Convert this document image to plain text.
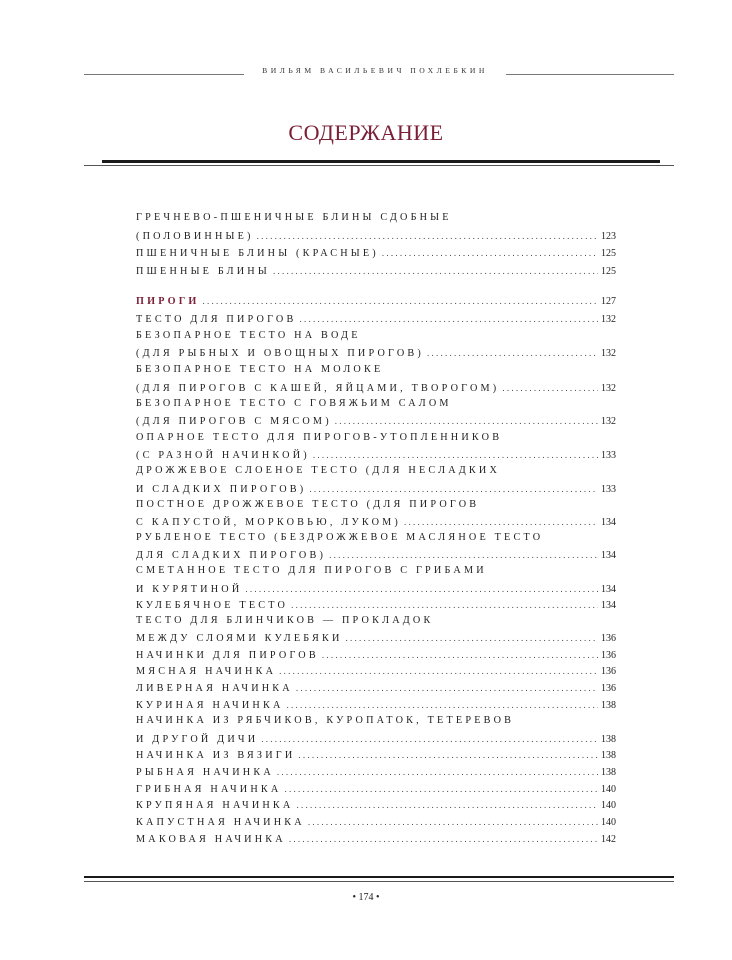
ВИЛЬЯМ ВАСИЛЬЕВИЧ ПОХЛЕБКИН
СОДЕРЖАНИЕ
ГРЕЧНЕВО-ПШЕНИЧНЫЕ БЛИНЫ СДОБНЫЕ
(ПОЛОВИННЫЕ) . . .	123
ПШЕНИЧНЫЕ БЛИНЫ (КРАСНЫЕ) . . .	125
ПШЕННЫЕ БЛИНЫ . . .	125
ПИРОГИ . . .	127
ТЕСТО ДЛЯ ПИРОГОВ . . .	132
БЕЗОПАРНОЕ ТЕСТО НА ВОДЕ
(ДЛЯ РЫБНЫХ И ОВОЩНЫХ ПИРОГОВ) . . .	132
БЕЗОПАРНОЕ ТЕСТО НА МОЛОКЕ
(ДЛЯ ПИРОГОВ С КАШЕЙ, ЯЙЦАМИ, ТВОРОГОМ) . . .	132
БЕЗОПАРНОЕ ТЕСТО С ГОВЯЖЬИМ САЛОМ
(ДЛЯ ПИРОГОВ С МЯСОМ) . . .	132
ОПАРНОЕ ТЕСТО ДЛЯ ПИРОГОВ-УТОПЛЕННИКОВ
(С РАЗНОЙ НАЧИНКОЙ) . . .	133
ДРОЖЖЕВОЕ СЛОЕНОЕ ТЕСТО (ДЛЯ НЕСЛАДКИХ
И СЛАДКИХ ПИРОГОВ) . . .	133
ПОСТНОЕ ДРОЖЖЕВОЕ ТЕСТО (ДЛЯ ПИРОГОВ
С КАПУСТОЙ, МОРКОВЬЮ, ЛУКОМ) . . .	134
РУБЛЕНОЕ ТЕСТО (БЕЗДРОЖЖЕВОЕ МАСЛЯНОЕ ТЕСТО
ДЛЯ СЛАДКИХ ПИРОГОВ) . . .	134
СМЕТАННОЕ ТЕСТО ДЛЯ ПИРОГОВ С ГРИБАМИ
И КУРЯТИНОЙ . . .	134
КУЛЕБЯЧНОЕ ТЕСТО . . .	134
ТЕСТО ДЛЯ БЛИНЧИКОВ — ПРОКЛАДОК
МЕЖДУ СЛОЯМИ КУЛЕБЯКИ . . .	136
НАЧИНКИ ДЛЯ ПИРОГОВ . . .	136
МЯСНАЯ НАЧИНКА . . .	136
ЛИВЕРНАЯ НАЧИНКА . . .	136
КУРИНАЯ НАЧИНКА . . .	138
НАЧИНКА ИЗ РЯБЧИКОВ, КУРОПАТОК, ТЕТЕРЕВОВ
И ДРУГОЙ ДИЧИ . . .	138
НАЧИНКА ИЗ ВЯЗИГИ . . .	138
РЫБНАЯ НАЧИНКА . . .	138
ГРИБНАЯ НАЧИНКА . . .	140
КРУПЯНАЯ НАЧИНКА . . .	140
КАПУСТНАЯ НАЧИНКА . . .	140
МАКОВАЯ НАЧИНКА . . .	142
• 174 •
